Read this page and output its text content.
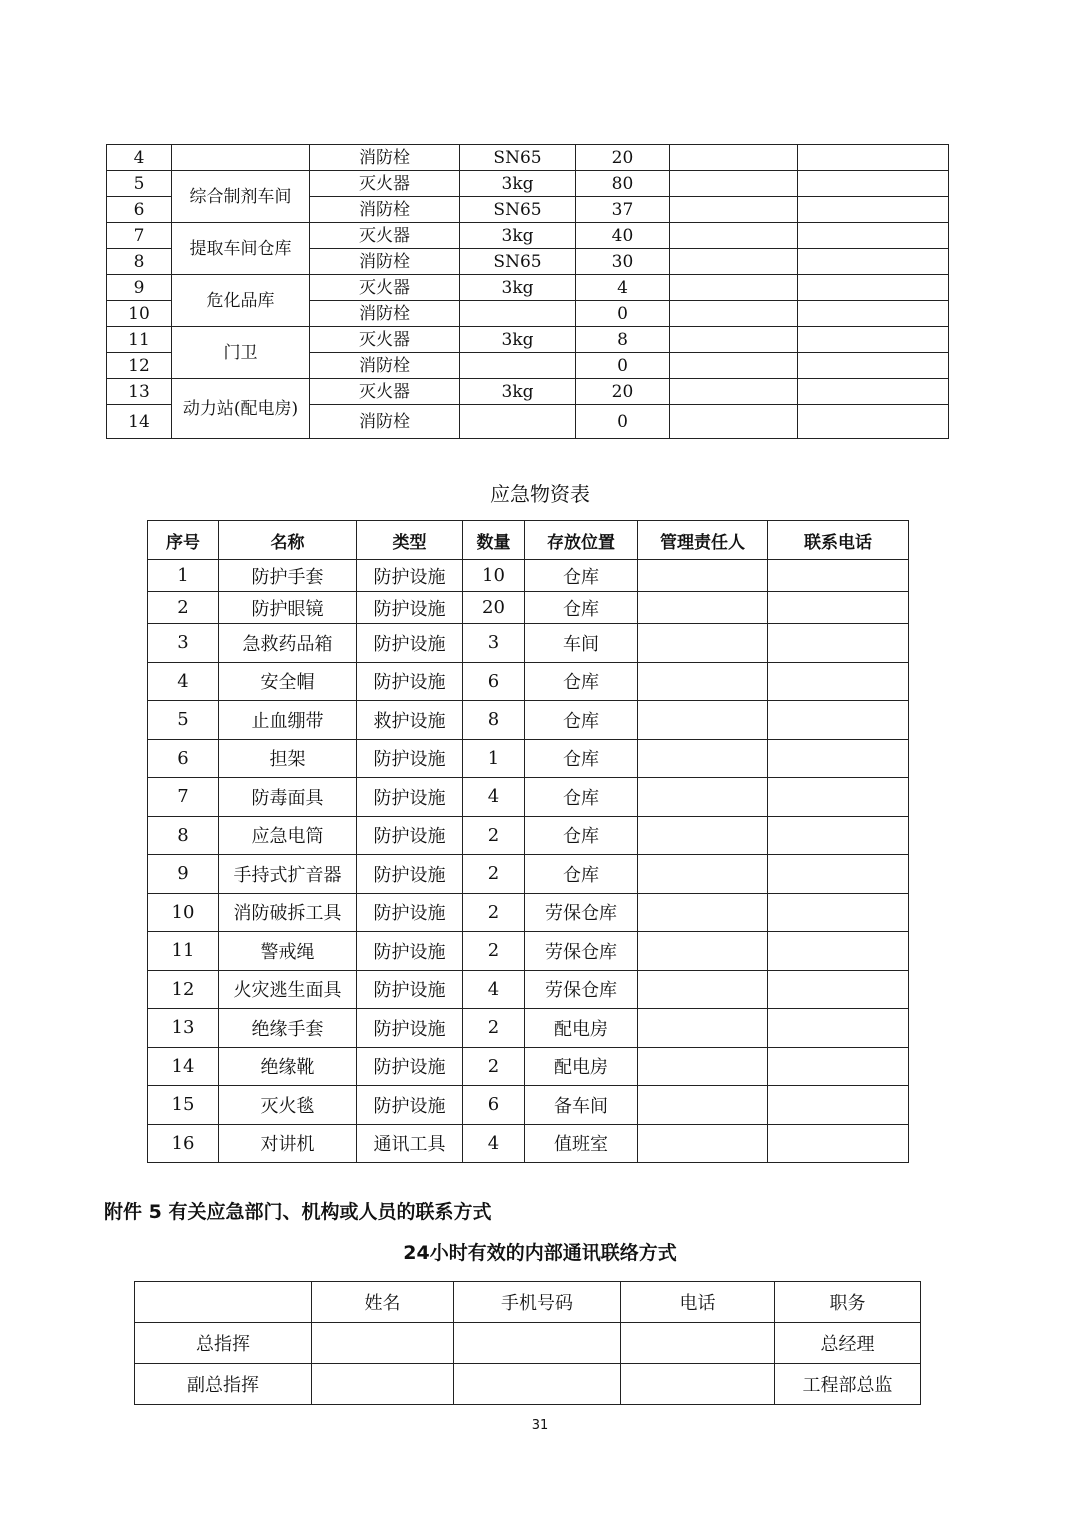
4		消防栓	SN65	20		
5	综合制剂车间	灭火器	3kg	80		
6		消防栓	SN65	37		
7	提取车间仓库	灭火器	3kg	40		
8		消防栓	SN65	30		
9	危化品库	灭火器	3kg	4		
10		消防栓		0		
11	门卫	灭火器	3kg	8		
12		消防栓		0		
13	动力站(配电房)	灭火器	3kg	20		
14		消防栓		0		
应急物资表
序号	名称	类型	数量	存放位置	管理责任人	联系电话
1	防护手套	防护设施	10	仓库		
2	防护眼镜	防护设施	20	仓库		
3	急救药品箱	防护设施	3	车间		
4	安全帽	防护设施	6	仓库		
5	止血绷带	救护设施	8	仓库		
6	担架	防护设施	1	仓库		
7	防毒面具	防护设施	4	仓库		
8	应急电筒	防护设施	2	仓库		
9	手持式扩音器	防护设施	2	仓库		
10	消防破拆工具	防护设施	2	劳保仓库		
11	警戒绳	防护设施	2	劳保仓库		
12	火灾逃生面具	防护设施	4	劳保仓库		
13	绝缘手套	防护设施	2	配电房		
14	绝缘靴	防护设施	2	配电房		
15	灭火毯	防护设施	6	备车间		
16	对讲机	通讯工具	4	值班室		
附件 5 有关应急部门、机构或人员的联系方式
24小时有效的内部通讯联络方式
	姓名	手机号码	电话	职务
总指挥				总经理
副总指挥				工程部总监
31
